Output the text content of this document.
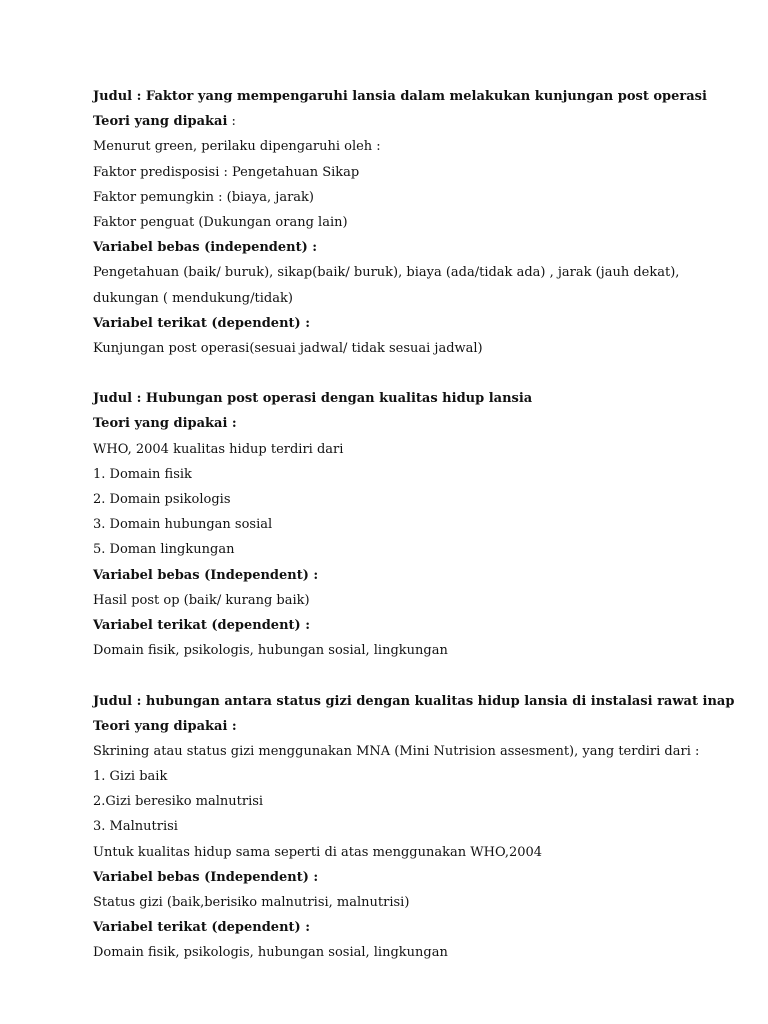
Judul : Faktor yang mempengaruhi lansia dalam melakukan kunjungan post operasi
Teori yang dipakai :
Menurut green, perilaku dipengaruhi oleh :
Faktor predisposisi : Pengetahuan Sikap
Faktor pemungkin : (biaya, jarak)
Faktor penguat (Dukungan orang lain)
Variabel bebas (independent) :
Pengetahuan (baik/ buruk), sikap(baik/ buruk), biaya (ada/tidak ada) , jarak (jauh dekat),
dukungan ( mendukung/tidak)
Variabel terikat (dependent) :
Kunjungan post operasi(sesuai jadwal/ tidak sesuai jadwal)
Judul : Hubungan post operasi dengan kualitas hidup lansia
Teori yang dipakai :
WHO, 2004 kualitas hidup terdiri dari
1. Domain fisik
2. Domain psikologis
3. Domain hubungan sosial
5. Doman lingkungan
Variabel bebas (Independent) :
Hasil post op (baik/ kurang baik)
Variabel terikat (dependent) :
Domain fisik, psikologis, hubungan sosial, lingkungan
Judul : hubungan antara status gizi dengan kualitas hidup lansia di instalasi rawat inap
Teori yang dipakai :
Skrining atau status gizi menggunakan MNA (Mini Nutrision assesment), yang terdiri dari :
1. Gizi baik
2.Gizi beresiko malnutrisi
3. Malnutrisi
Untuk kualitas hidup sama seperti di atas menggunakan WHO,2004
Variabel bebas (Independent) :
Status gizi (baik,berisiko malnutrisi, malnutrisi)
Variabel terikat (dependent) :
Domain fisik, psikologis, hubungan sosial, lingkungan
